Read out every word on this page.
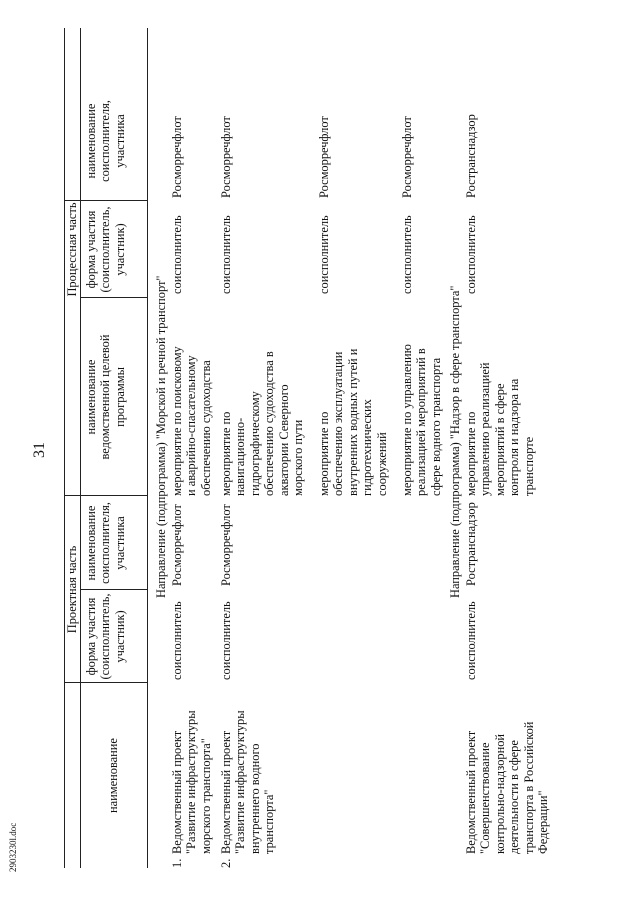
31
2903230l.doc
Проектная часть
Процессная часть
наименование
форма участия
(соисполнитель,
участник)
наименование
соисполнителя,
участника
наименование
ведомственной целевой
программы
форма участия
(соисполнитель,
участник)
наименование
соисполнителя,
участника
Направление (подпрограмма) "Морской и речной транспорт"
1.
Ведомственный проект
"Развитие инфраструктуры
морского транспорта"
соисполнитель
Росморречфлот
мероприятие по поисковому
и аварийно-спасательному
обеспечению судоходства
соисполнитель
Росморречфлот
2.
Ведомственный проект
"Развитие инфраструктуры
внутреннего водного
транспорта"
соисполнитель
Росморречфлот
мероприятие по
навигационно-
гидрографическому
обеспечению судоходства в
акватории Северного
морского пути
соисполнитель
Росморречфлот
мероприятие по
обеспечению эксплуатации
внутренних водных путей и
гидротехнических
сооружений
соисполнитель
Росморречфлот
мероприятие по управлению
реализацией мероприятий в
сфере водного транспорта
соисполнитель
Росморречфлот
Направление (подпрограмма) "Надзор в сфере транспорта"
Ведомственный проект
"Совершенствование
контрольно-надзорной
деятельности в сфере
транспорта в Российской
Федерации"
соисполнитель
Ространснадзор
мероприятие по
управлению реализацией
мероприятий в сфере
контроля и надзора на
транспорте
соисполнитель
Ространснадзор
